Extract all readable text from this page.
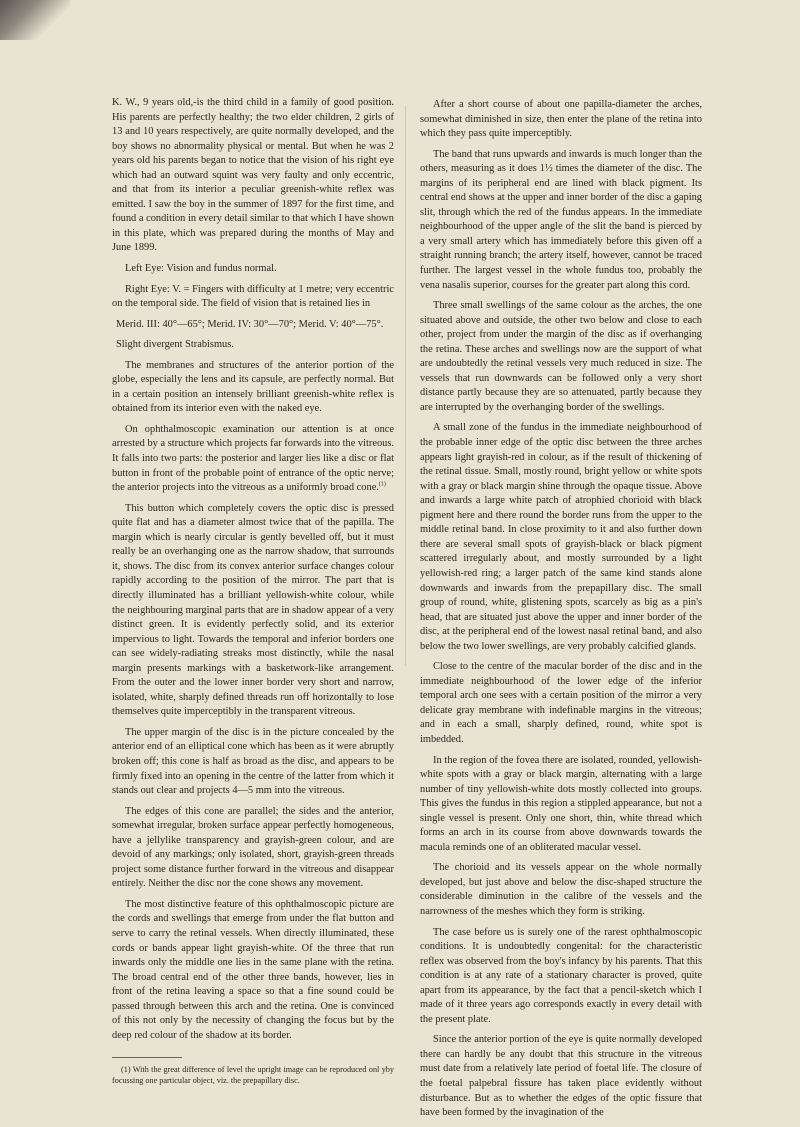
K. W., 9 years old,-is the third child in a family of good position. His parents are perfectly healthy; the two elder children, 2 girls of 13 and 10 years respectively, are quite normally developed, and the boy shows no abnormality physical or mental. But when he was 2 years old his parents began to notice that the vision of his right eye which had an outward squint was very faulty and only eccentric, and that from its interior a peculiar greenish-white reflex was emitted. I saw the boy in the summer of 1897 for the first time, and found a condition in every detail similar to that which I have shown in this plate, which was prepared during the months of May and June 1899.

Left Eye: Vision and fundus normal.

Right Eye: V. = Fingers with difficulty at 1 metre; very eccentric on the temporal side. The field of vision that is retained lies in

Merid. III: 40°—65°; Merid. IV: 30°—70°; Merid. V: 40°—75°.

Slight divergent Strabismus.

The membranes and structures of the anterior portion of the globe, especially the lens and its capsule, are perfectly normal. But in a certain position an intensely brilliant greenish-white reflex is obtained from its interior even with the naked eye.

On ophthalmoscopic examination our attention is at once arrested by a structure which projects far forwards into the vitreous. It falls into two parts: the posterior and larger lies like a disc or flat button in front of the probable point of entrance of the optic nerve; the anterior projects into the vitreous as a uniformly broad cone.$^{(1)}$

This button which completely covers the optic disc is pressed quite flat and has a diameter almost twice that of the papilla. The margin which is nearly circular is gently bevelled off, but it must really be an overhanging one as the narrow shadow, that surrounds it, shows. The disc from its convex anterior surface changes colour rapidly according to the position of the mirror. The part that is directly illuminated has a brilliant yellowish-white colour, while the neighbouring marginal parts that are in shadow appear of a very distinct green. It is evidently perfectly solid, and its exterior impervious to light. Towards the temporal and inferior borders one can see widely-radiating streaks most distinctly, while the nasal margin presents markings with a basketwork-like arrangement. From the outer and the lower inner border very short and narrow, isolated, white, sharply defined threads run off horizontally to lose themselves quite imperceptibly in the transparent vitreous.

The upper margin of the disc is in the picture concealed by the anterior end of an elliptical cone which has been as it were abruptly broken off; this cone is half as broad as the disc, and appears to be firmly fixed into an opening in the centre of the latter from which it stands out clear and projects 4—5 mm into the vitreous.

The edges of this cone are parallel; the sides and the anterior, somewhat irregular, broken surface appear perfectly homogeneous, have a jellylike transparency and grayish-green colour, and are devoid of any markings; only isolated, short, grayish-green threads project some distance further forward in the vitreous and disappear entirely. Neither the disc nor the cone shows any movement.

The most distinctive feature of this ophthalmoscopic picture are the cords and swellings that emerge from under the flat button and serve to carry the retinal vessels. When directly illuminated, these cords or bands appear light grayish-white. Of the three that run inwards only the middle one lies in the same plane with the retina. The broad central end of the other three bands, however, lies in front of the retina leaving a space so that a fine sound could be passed through between this arch and the retina. One is convinced of this not only by the necessity of changing the focus but by the deep red colour of the shadow at its border.

(1) With the great difference of level the upright image can be reproduced onl yby focussing one particular object, viz. the prepapillary disc.

After a short course of about one papilla-diameter the arches, somewhat diminished in size, then enter the plane of the retina into which they pass quite imperceptibly.

The band that runs upwards and inwards is much longer than the others, measuring as it does 1½ times the diameter of the disc. The margins of its peripheral end are lined with black pigment. Its central end shows at the upper and inner border of the disc a gaping slit, through which the red of the fundus appears. In the immediate neighbourhood of the upper angle of the slit the band is pierced by a very small artery which has immediately before this given off a straight running branch; the artery itself, however, cannot be traced further. The largest vessel in the whole fundus too, probably the vena nasalis superior, courses for the greater part along this cord.

Three small swellings of the same colour as the arches, the one situated above and outside, the other two below and close to each other, project from under the margin of the disc as if overhanging the retina. These arches and swellings now are the support of what are undoubtedly the retinal vessels very much reduced in size. The vessels that run downwards can be followed only a very short distance partly because they are so attenuated, partly because they are interrupted by the overhanging border of the swellings.

A small zone of the fundus in the immediate neighbourhood of the probable inner edge of the optic disc between the three arches appears light grayish-red in colour, as if the result of thickening of the retinal tissue. Small, mostly round, bright yellow or white spots with a gray or black margin shine through the opaque tissue. Above and inwards a large white patch of atrophied chorioid with black pigment here and there round the border runs from the upper to the middle retinal band. In close proximity to it and also further down there are several small spots of grayish-black or black pigment scattered irregularly about, and mostly surrounded by a light yellowish-red ring; a larger patch of the same kind stands alone downwards and inwards from the prepapillary disc. The small group of round, white, glistening spots, scarcely as big as a pin's head, that are situated just above the upper and inner border of the disc, at the peripheral end of the lowest nasal retinal band, and also below the two lower swellings, are very probably calcified glands.

Close to the centre of the macular border of the disc and in the immediate neighbourhood of the lower edge of the inferior temporal arch one sees with a certain position of the mirror a very delicate gray membrane with indefinable margins in the vitreous; and in each a small, sharply defined, round, white spot is imbedded.

In the region of the fovea there are isolated, rounded, yellowish-white spots with a gray or black margin, alternating with a large number of tiny yellowish-white dots mostly collected into groups. This gives the fundus in this region a stippled appearance, but not a single vessel is present. Only one short, thin, white thread which forms an arch in its course from above downwards towards the macula reminds one of an obliterated macular vessel.

The chorioid and its vessels appear on the whole normally developed, but just above and below the disc-shaped structure the considerable diminution in the calibre of the vessels and the narrowness of the meshes which they form is striking.

The case before us is surely one of the rarest ophthalmoscopic conditions. It is undoubtedly congenital: for the characteristic reflex was observed from the boy's infancy by his parents. That this condition is at any rate of a stationary character is proved, quite apart from its appearance, by the fact that a pencil-sketch which I made of it three years ago corresponds exactly in every detail with the present plate.

Since the anterior portion of the eye is quite normally developed there can hardly be any doubt that this structure in the vitreous must date from a relatively late period of foetal life. The closure of the foetal palpebral fissure has taken place evidently without disturbance. But as to whether the edges of the optic fissure that have been formed by the invagination of the
